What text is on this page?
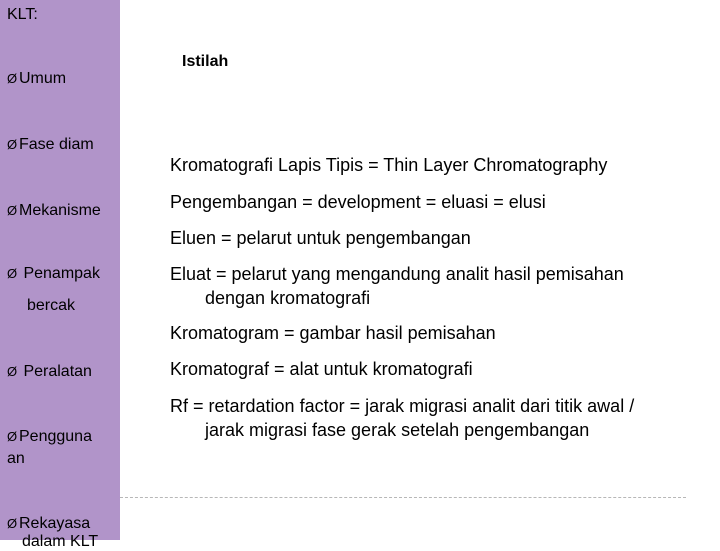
KLT:
Ø Umum
Ø Fase diam
Ø Mekanisme
Ø Penampak
bercak
Ø Peralatan
Ø Pengguna
an
Ø Rekayasa
dalam KLT
Istilah
Kromatografi Lapis Tipis = Thin Layer Chromatography
Pengembangan = development = eluasi = elusi
Eluen = pelarut untuk pengembangan
Eluat = pelarut yang mengandung analit hasil pemisahan
dengan kromatografi
Kromatogram = gambar hasil pemisahan
Kromatograf = alat untuk kromatografi
Rf = retardation factor = jarak migrasi analit dari titik awal /
jarak migrasi fase gerak setelah pengembangan
